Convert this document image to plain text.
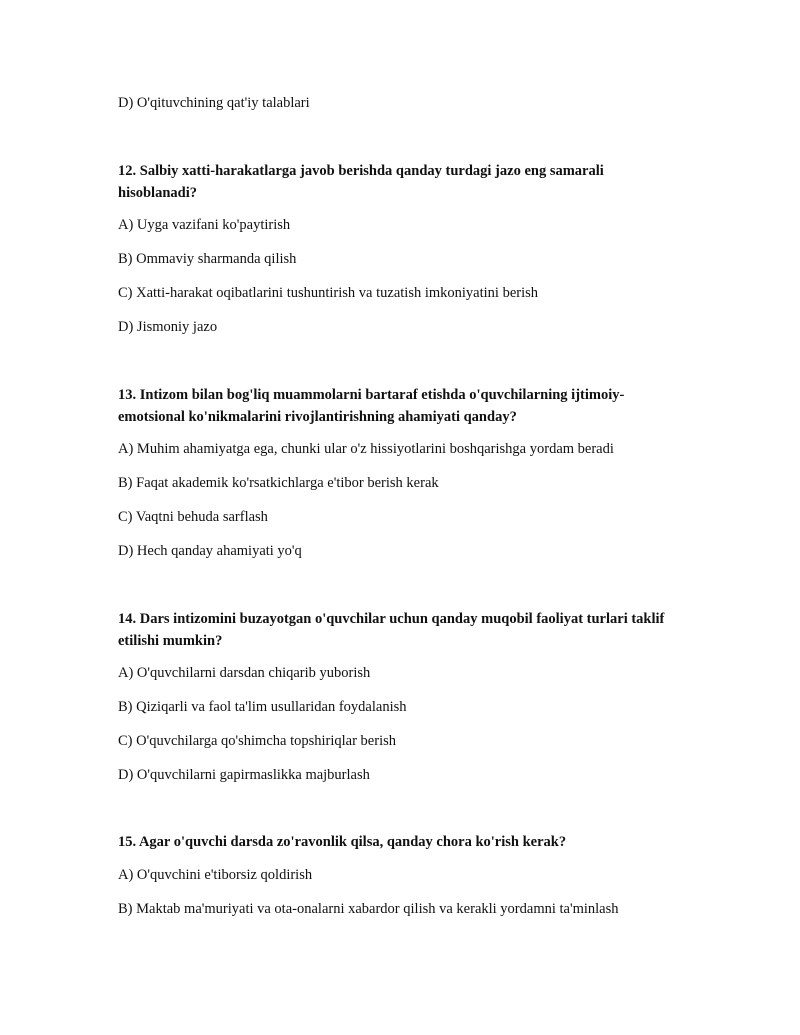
D) O'qituvchining qat'iy talablari
12. Salbiy xatti-harakatlarga javob berishda qanday turdagi jazo eng samarali hisoblanadi?
A) Uyga vazifani ko'paytirish
B) Ommaviy sharmanda qilish
C) Xatti-harakat oqibatlarini tushuntirish va tuzatish imkoniyatini berish
D) Jismoniy jazo
13. Intizom bilan bog'liq muammolarni bartaraf etishda o'quvchilarning ijtimoiy-emotsional ko'nikmalarini rivojlantirishning ahamiyati qanday?
A) Muhim ahamiyatga ega, chunki ular o'z hissiyotlarini boshqarishga yordam beradi
B) Faqat akademik ko'rsatkichlarga e'tibor berish kerak
C) Vaqtni behuda sarflash
D) Hech qanday ahamiyati yo'q
14. Dars intizomini buzayotgan o'quvchilar uchun qanday muqobil faoliyat turlari taklif etilishi mumkin?
A) O'quvchilarni darsdan chiqarib yuborish
B) Qiziqarli va faol ta'lim usullaridan foydalanish
C) O'quvchilarga qo'shimcha topshiriqlar berish
D) O'quvchilarni gapirmaslikka majburlash
15. Agar o'quvchi darsda zo'ravonlik qilsa, qanday chora ko'rish kerak?
A) O'quvchini e'tiborsiz qoldirish
B) Maktab ma'muriyati va ota-onalarni xabardor qilish va kerakli yordamni ta'minlash
